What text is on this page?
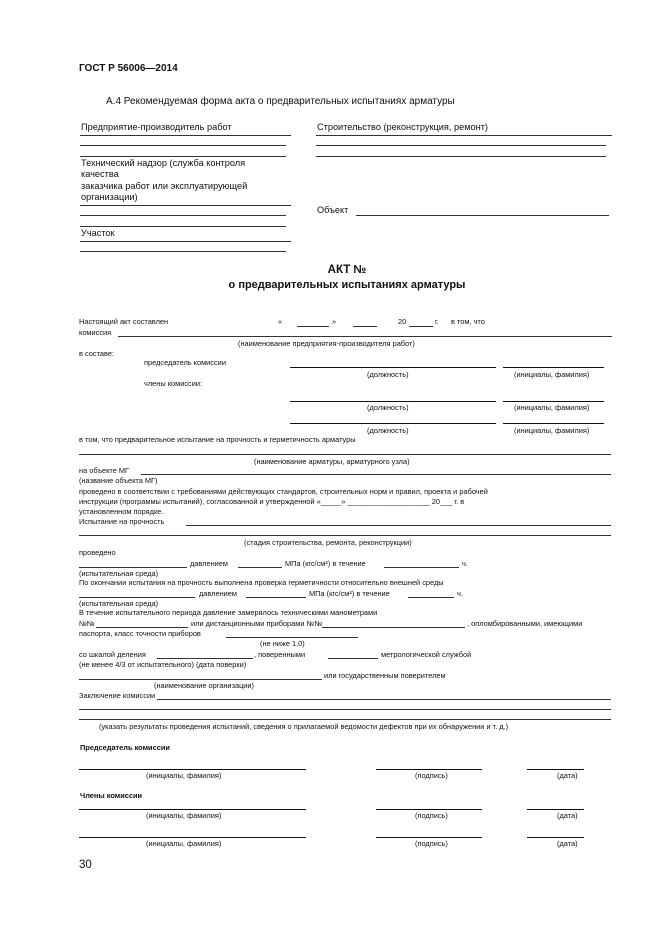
ГОСТ Р 56006—2014
А.4 Рекомендуемая форма акта о предварительных испытаниях арматуры
Предприятие-производитель работ
Технический надзор (служба контроля
качества
заказчика работ или эксплуатирующей
организации)
Участок
Строительство (реконструкция, ремонт)
Объект
АКТ №
о предварительных испытаниях арматуры
Настоящий акт составлен	«	»	20	г. в том, что
комиссия
(наименование предприятия-производителя работ)
в составе:
председатель комиссии
(должность)	(инициалы, фамилия)
члены комиссии:
(должность)	(инициалы, фамилия)
(должность)	(инициалы, фамилия)
в том, что предварительное испытание на прочность и герметичность арматуры
(наименование арматуры, арматурного узла)
на объекте МГ
(название объекта МГ)
проведено в соответствии с требованиями действующих стандартов, строительных норм и правил, проекта и рабочей
инструкции (программы испытаний), согласованной и утвержденной «_____» ____________________ 20___ г. в
установленном порядке.
Испытание на прочность
(стадия строительства, ремонта, реконструкции)
проведено
давлением	МПа (кгс/см²) в течение	ч.
(испытательная среда)
По окончании испытания на прочность выполнена проверка герметичности относительно внешней среды
давлением	МПа (кгс/см²) в течение	ч.
(испытательная среда)
В течение испытательного периода давление замерялось техническими манометрами
№№	или дистанционными приборами №№	, опломбированными, имеющими
паспорта, класс точности приборов
(не ниже 1,0)
со шкалой деления	, поверенными	метрологической службой
(не менее 4/3 от испытательного) (дата поверки)
или государственным поверителем
(наименование организации)
Заключение комиссии
(указать результаты проведения испытаний, сведения о прилагаемой ведомости дефектов при их обнаружении и т. д.)
Председатель комиссии
(инициалы, фамилия)	(подпись)	(дата)
Члены комиссии
(инициалы, фамилия)	(подпись)	(дата)
(инициалы, фамилия)	(подпись)	(дата)
30
